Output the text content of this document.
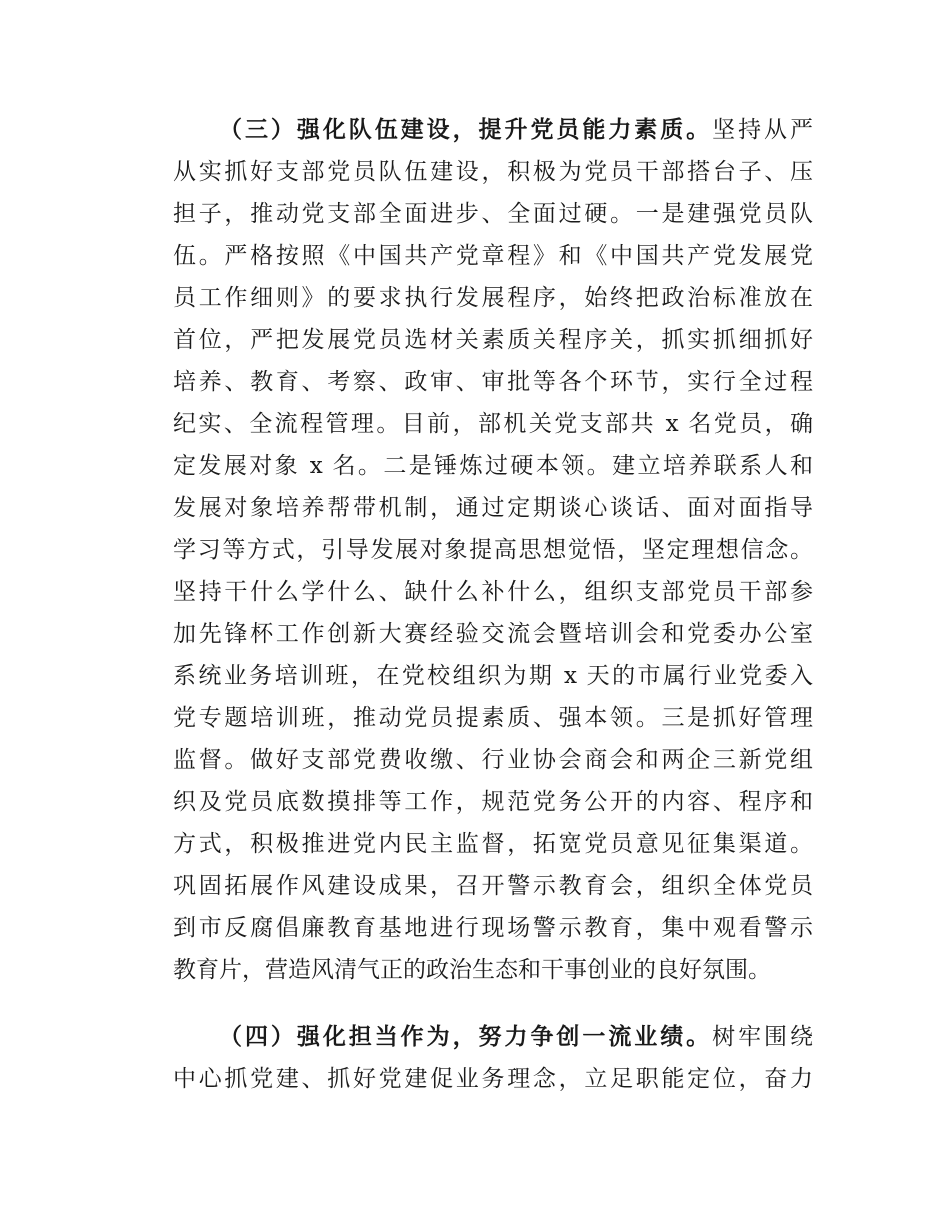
（三）强化队伍建设，提升党员能力素质。坚持从严
从实抓好支部党员队伍建设，积极为党员干部搭台子、压
担子，推动党支部全面进步、全面过硬。一是建强党员队
伍。严格按照《中国共产党章程》和《中国共产党发展党
员工作细则》的要求执行发展程序，始终把政治标准放在
首位，严把发展党员选材关素质关程序关，抓实抓细抓好
培养、教育、考察、政审、审批等各个环节，实行全过程
纪实、全流程管理。目前，部机关党支部共 x 名党员，确
定发展对象 x 名。二是锤炼过硬本领。建立培养联系人和
发展对象培养帮带机制，通过定期谈心谈话、面对面指导
学习等方式，引导发展对象提高思想觉悟，坚定理想信念。
坚持干什么学什么、缺什么补什么，组织支部党员干部参
加先锋杯工作创新大赛经验交流会暨培训会和党委办公室
系统业务培训班，在党校组织为期 x 天的市属行业党委入
党专题培训班，推动党员提素质、强本领。三是抓好管理
监督。做好支部党费收缴、行业协会商会和两企三新党组
织及党员底数摸排等工作，规范党务公开的内容、程序和
方式，积极推进党内民主监督，拓宽党员意见征集渠道。
巩固拓展作风建设成果，召开警示教育会，组织全体党员
到市反腐倡廉教育基地进行现场警示教育，集中观看警示
教育片，营造风清气正的政治生态和干事创业的良好氛围。
（四）强化担当作为，努力争创一流业绩。树牢围绕
中心抓党建、抓好党建促业务理念，立足职能定位，奋力
